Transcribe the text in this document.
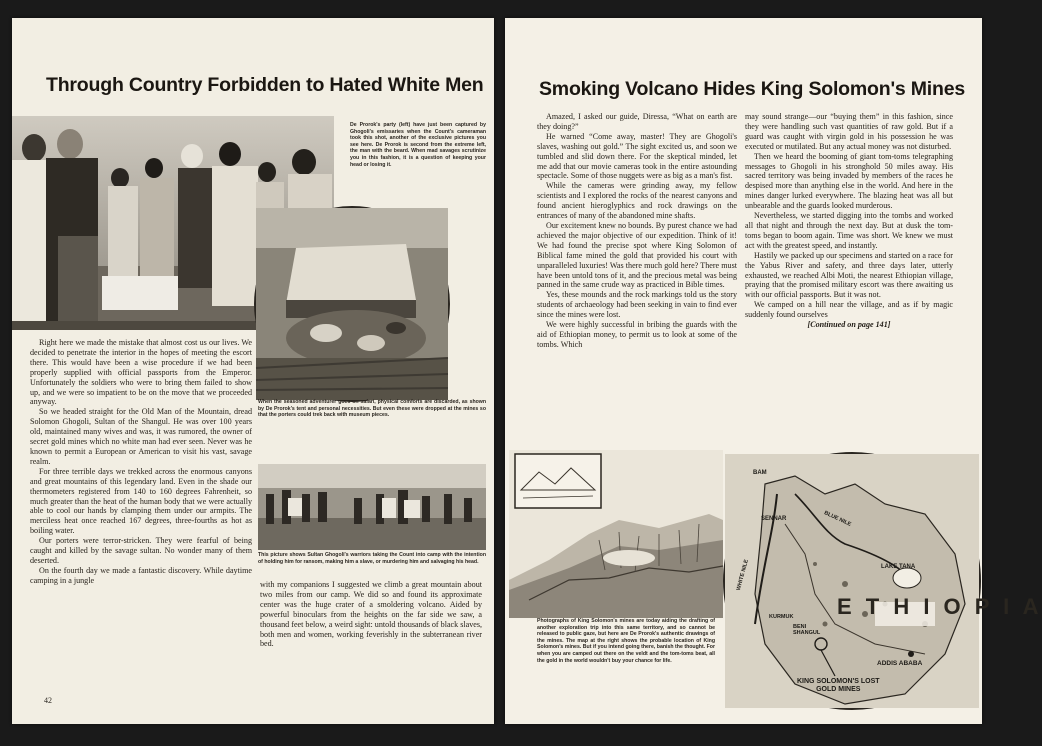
Through Country Forbidden to Hated White Men
De Prorok's party (left) have just been captured by Ghogoli's emissaries when the Count's cameraman took this shot, another of the exclusive pictures you see here. De Prorok is second from the extreme left, the man with the beard. When mad savages scrutinize you in this fashion, it is a question of keeping your head or losing it.
When the seasoned adventurer goes on safari, physical comforts are discarded, as shown by De Prorok's tent and personal necessities. But even these were dropped at the mines so that the porters could trek back with museum pieces.
This picture shows Sultan Ghogoli's warriors taking the Count into camp with the intention of holding him for ransom, making him a slave, or murdering him and salvaging his head.

Right here we made the mistake that almost cost us our lives. We decided to penetrate the interior in the hopes of meeting the escort there. This would have been a wise procedure if we had been properly supplied with official passports from the Emperor. Unfortunately the soldiers who were to bring them failed to show up, and we were so impatient to be on the move that we proceeded anyway.

So we headed straight for the Old Man of the Mountain, dread Solomon Ghogoli, Sultan of the Shangul. He was over 100 years old, maintained many wives and was, it was rumored, the owner of secret gold mines which no white man had ever seen. Never was he known to permit a European or American to visit his vast, savage realm.

For three terrible days we trekked across the enormous canyons and great mountains of this legendary land. Even in the shade our thermometers registered from 140 to 160 degrees Fahrenheit, so much greater than the heat of the human body that we were actually able to cool our hands by clamping them under our armpits. The merciless heat once reached 167 degrees, three-fourths as hot as boiling water.

Our porters were terror-stricken. They were fearful of being caught and killed by the savage sultan. No wonder many of them deserted.

On the fourth day we made a fantastic discovery. While daytime camping in a jungle	with my companions I suggested we climb a great mountain about two miles from our camp. We did so and found its approximate center was the huge crater of a smoldering volcano. Aided by powerful binoculars from the heights on the far side we saw, a thousand feet below, a weird sight: untold thousands of black slaves, both men and women, working feverishly in the subterranean river bed.

42
Smoking Volcano Hides King Solomon's Mines

Amazed, I asked our guide, Diressa, “What on earth are they doing?”

He warned “Come away, master! They are Ghogoli's slaves, washing out gold.” The sight excited us, and soon we tumbled and slid down there. For the skeptical minded, let me add that our movie cameras took in the entire astounding spectacle. Some of those nuggets were as big as a man's fist.

While the cameras were grinding away, my fellow scientists and I explored the rocks of the nearest canyons and found ancient hieroglyphics and rock drawings on the entrances of many of the abandoned mine shafts.

Our excitement knew no bounds. By purest chance we had achieved the major objective of our expedition. Think of it! We had found the precise spot where King Solomon of Biblical fame mined the gold that provided his court with unparalleled luxuries! Was there much gold here? There must have been untold tons of it, and the precious metal was being panned in the same crude way as practiced in Bible times.

Yes, these mounds and the rock markings told us the story students of archaeology had been seeking in vain to find ever since the mines were lost.

We were highly successful in bribing the guards with the aid of Ethiopian money, to permit us to look at some of the tombs. Which

may sound strange—our “buying them” in this fashion, since they were handling such vast quantities of raw gold. But if a guard was caught with virgin gold in his possession he was executed or mutilated. But any actual money was not disturbed.

Then we heard the booming of giant tom-toms telegraphing messages to Ghogoli in his stronghold 50 miles away. His sacred territory was being invaded by members of the races he despised more than anything else in the world. And here in the mines danger lurked everywhere. The blazing heat was all but unbearable and the guards looked murderous.

Nevertheless, we started digging into the tombs and worked all that night and through the next day. But at dusk the tom-toms began to boom again. Time was short. We knew we must act with the greatest speed, and instantly.

Hastily we packed up our specimens and started on a race for the Yabus River and safety, and three days later, utterly exhausted, we reached Albi Moti, the nearest Ethiopian village, praying that the promised military escort was there awaiting us with our official passports. But it was not.

We camped on a hill near the village, and as if by magic suddenly found ourselves

[Continued on page 141]

Photographs of King Solomon's mines are today aiding the drafting of another exploration trip into this same territory, and so cannot be released to public gaze, but here are De Prorok's authentic drawings of the mines. The map at the right shows the probable location of King Solomon's mines. But if you intend going there, banish the thought. For when you are camped out there on the veldt and the tom-toms beat, all the gold in the world wouldn't buy your chance for life.
BAM
SENNAR	BLUE NILE
WHITE NILE	LAKE TANA
KURMUK
BENI SHANGUL
E T H I O P I A
ADDIS ABABA
KING SOLOMON'S LOST
GOLD MINES
